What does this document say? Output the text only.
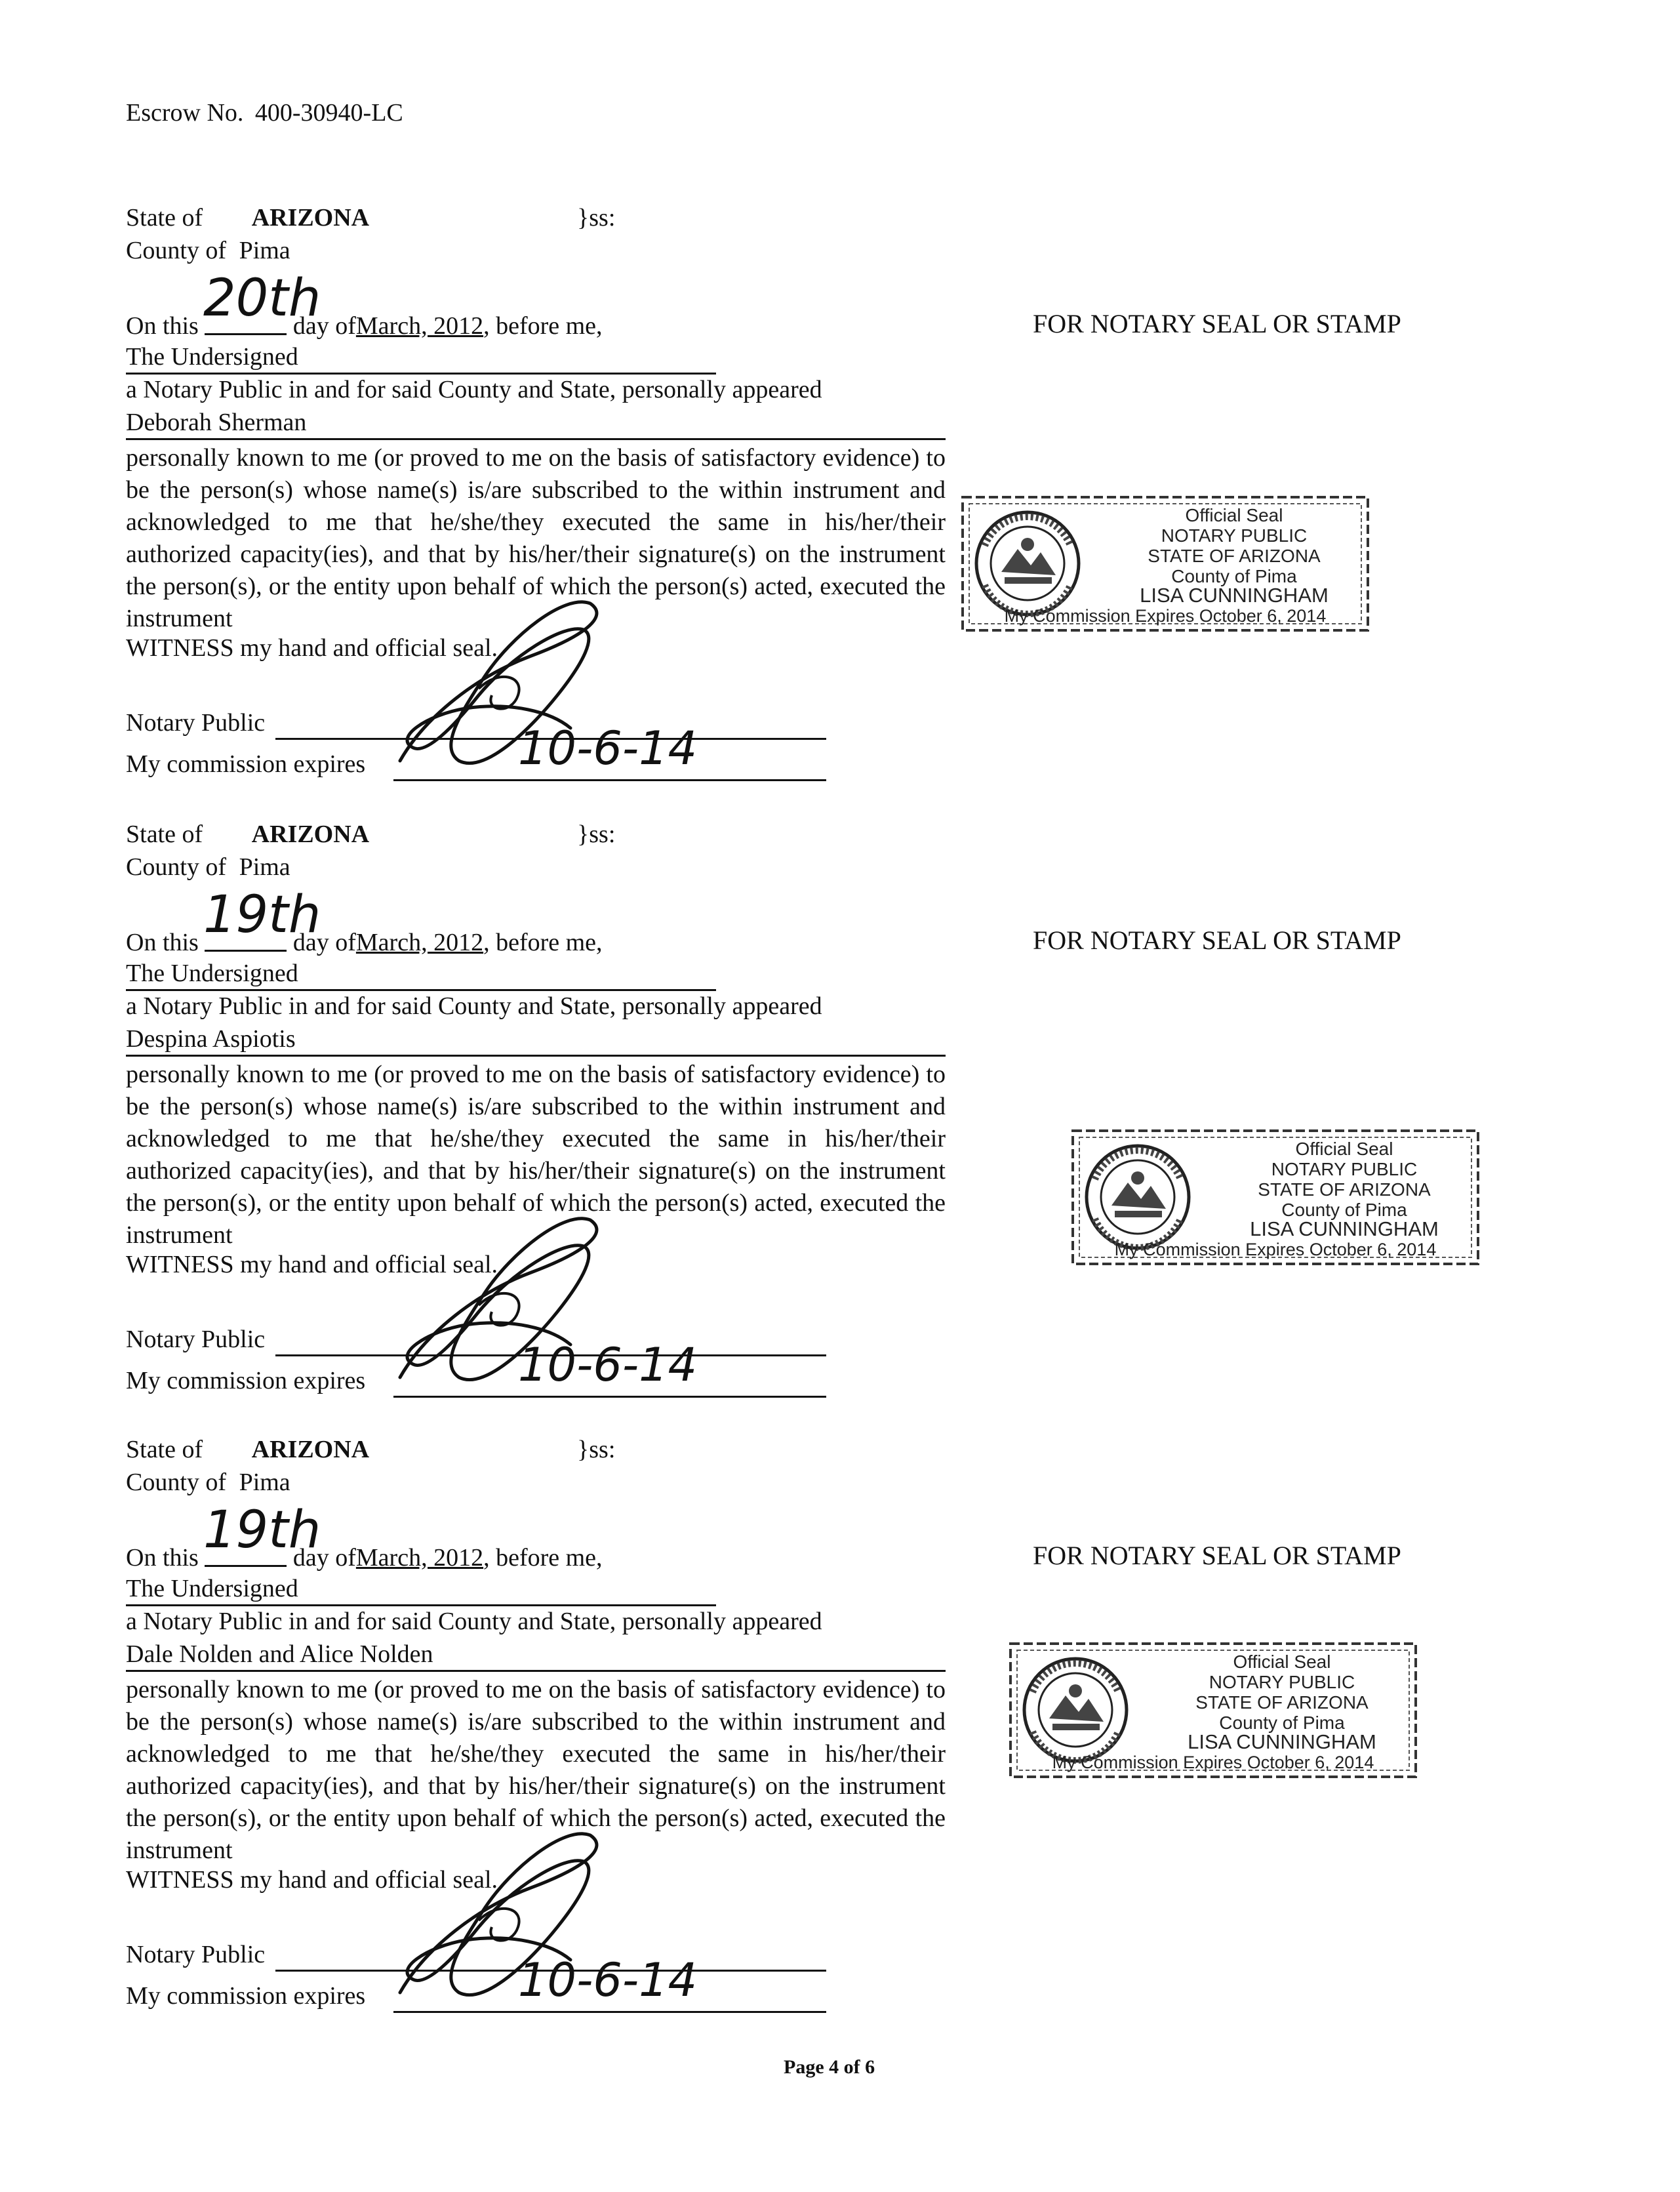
Escrow No. 400-30940-LC
State of ARIZONA	}ss:
County of Pima
On this	day ofMarch, 2012, before me,
20th
The Undersigned
a Notary Public in and for said County and State, personally appeared
Deborah Sherman
personally known to me (or proved to me on the basis of satisfactory evidence) to be the person(s) whose name(s) is/are subscribed to the within instrument and acknowledged to me that he/she/they executed the same in his/her/their authorized capacity(ies), and that by his/her/their signature(s) on the instrument the person(s), or the entity upon behalf of which the person(s) acted, executed the instrument
WITNESS my hand and official seal.
Notary Public
My commission expires	10-6-14
FOR NOTARY SEAL OR STAMP
Official Seal
NOTARY PUBLIC
STATE OF ARIZONA
County of Pima
LISA CUNNINGHAM
My Commission Expires October 6, 2014
State of ARIZONA	}ss:
County of Pima
On this	day ofMarch, 2012, before me,
19th
The Undersigned
a Notary Public in and for said County and State, personally appeared
Despina Aspiotis
personally known to me (or proved to me on the basis of satisfactory evidence) to be the person(s) whose name(s) is/are subscribed to the within instrument and acknowledged to me that he/she/they executed the same in his/her/their authorized capacity(ies), and that by his/her/their signature(s) on the instrument the person(s), or the entity upon behalf of which the person(s) acted, executed the instrument
WITNESS my hand and official seal.
Notary Public
My commission expires	10-6-14
FOR NOTARY SEAL OR STAMP
Official Seal
NOTARY PUBLIC
STATE OF ARIZONA
County of Pima
LISA CUNNINGHAM
My Commission Expires October 6, 2014
State of ARIZONA	}ss:
County of Pima
On this	day ofMarch, 2012, before me,
19th
The Undersigned
a Notary Public in and for said County and State, personally appeared
Dale Nolden and Alice Nolden
personally known to me (or proved to me on the basis of satisfactory evidence) to be the person(s) whose name(s) is/are subscribed to the within instrument and acknowledged to me that he/she/they executed the same in his/her/their authorized capacity(ies), and that by his/her/their signature(s) on the instrument the person(s), or the entity upon behalf of which the person(s) acted, executed the instrument
WITNESS my hand and official seal.
Notary Public
My commission expires	10-6-14
FOR NOTARY SEAL OR STAMP
Official Seal
NOTARY PUBLIC
STATE OF ARIZONA
County of Pima
LISA CUNNINGHAM
My Commission Expires October 6, 2014
Page 4 of 6
